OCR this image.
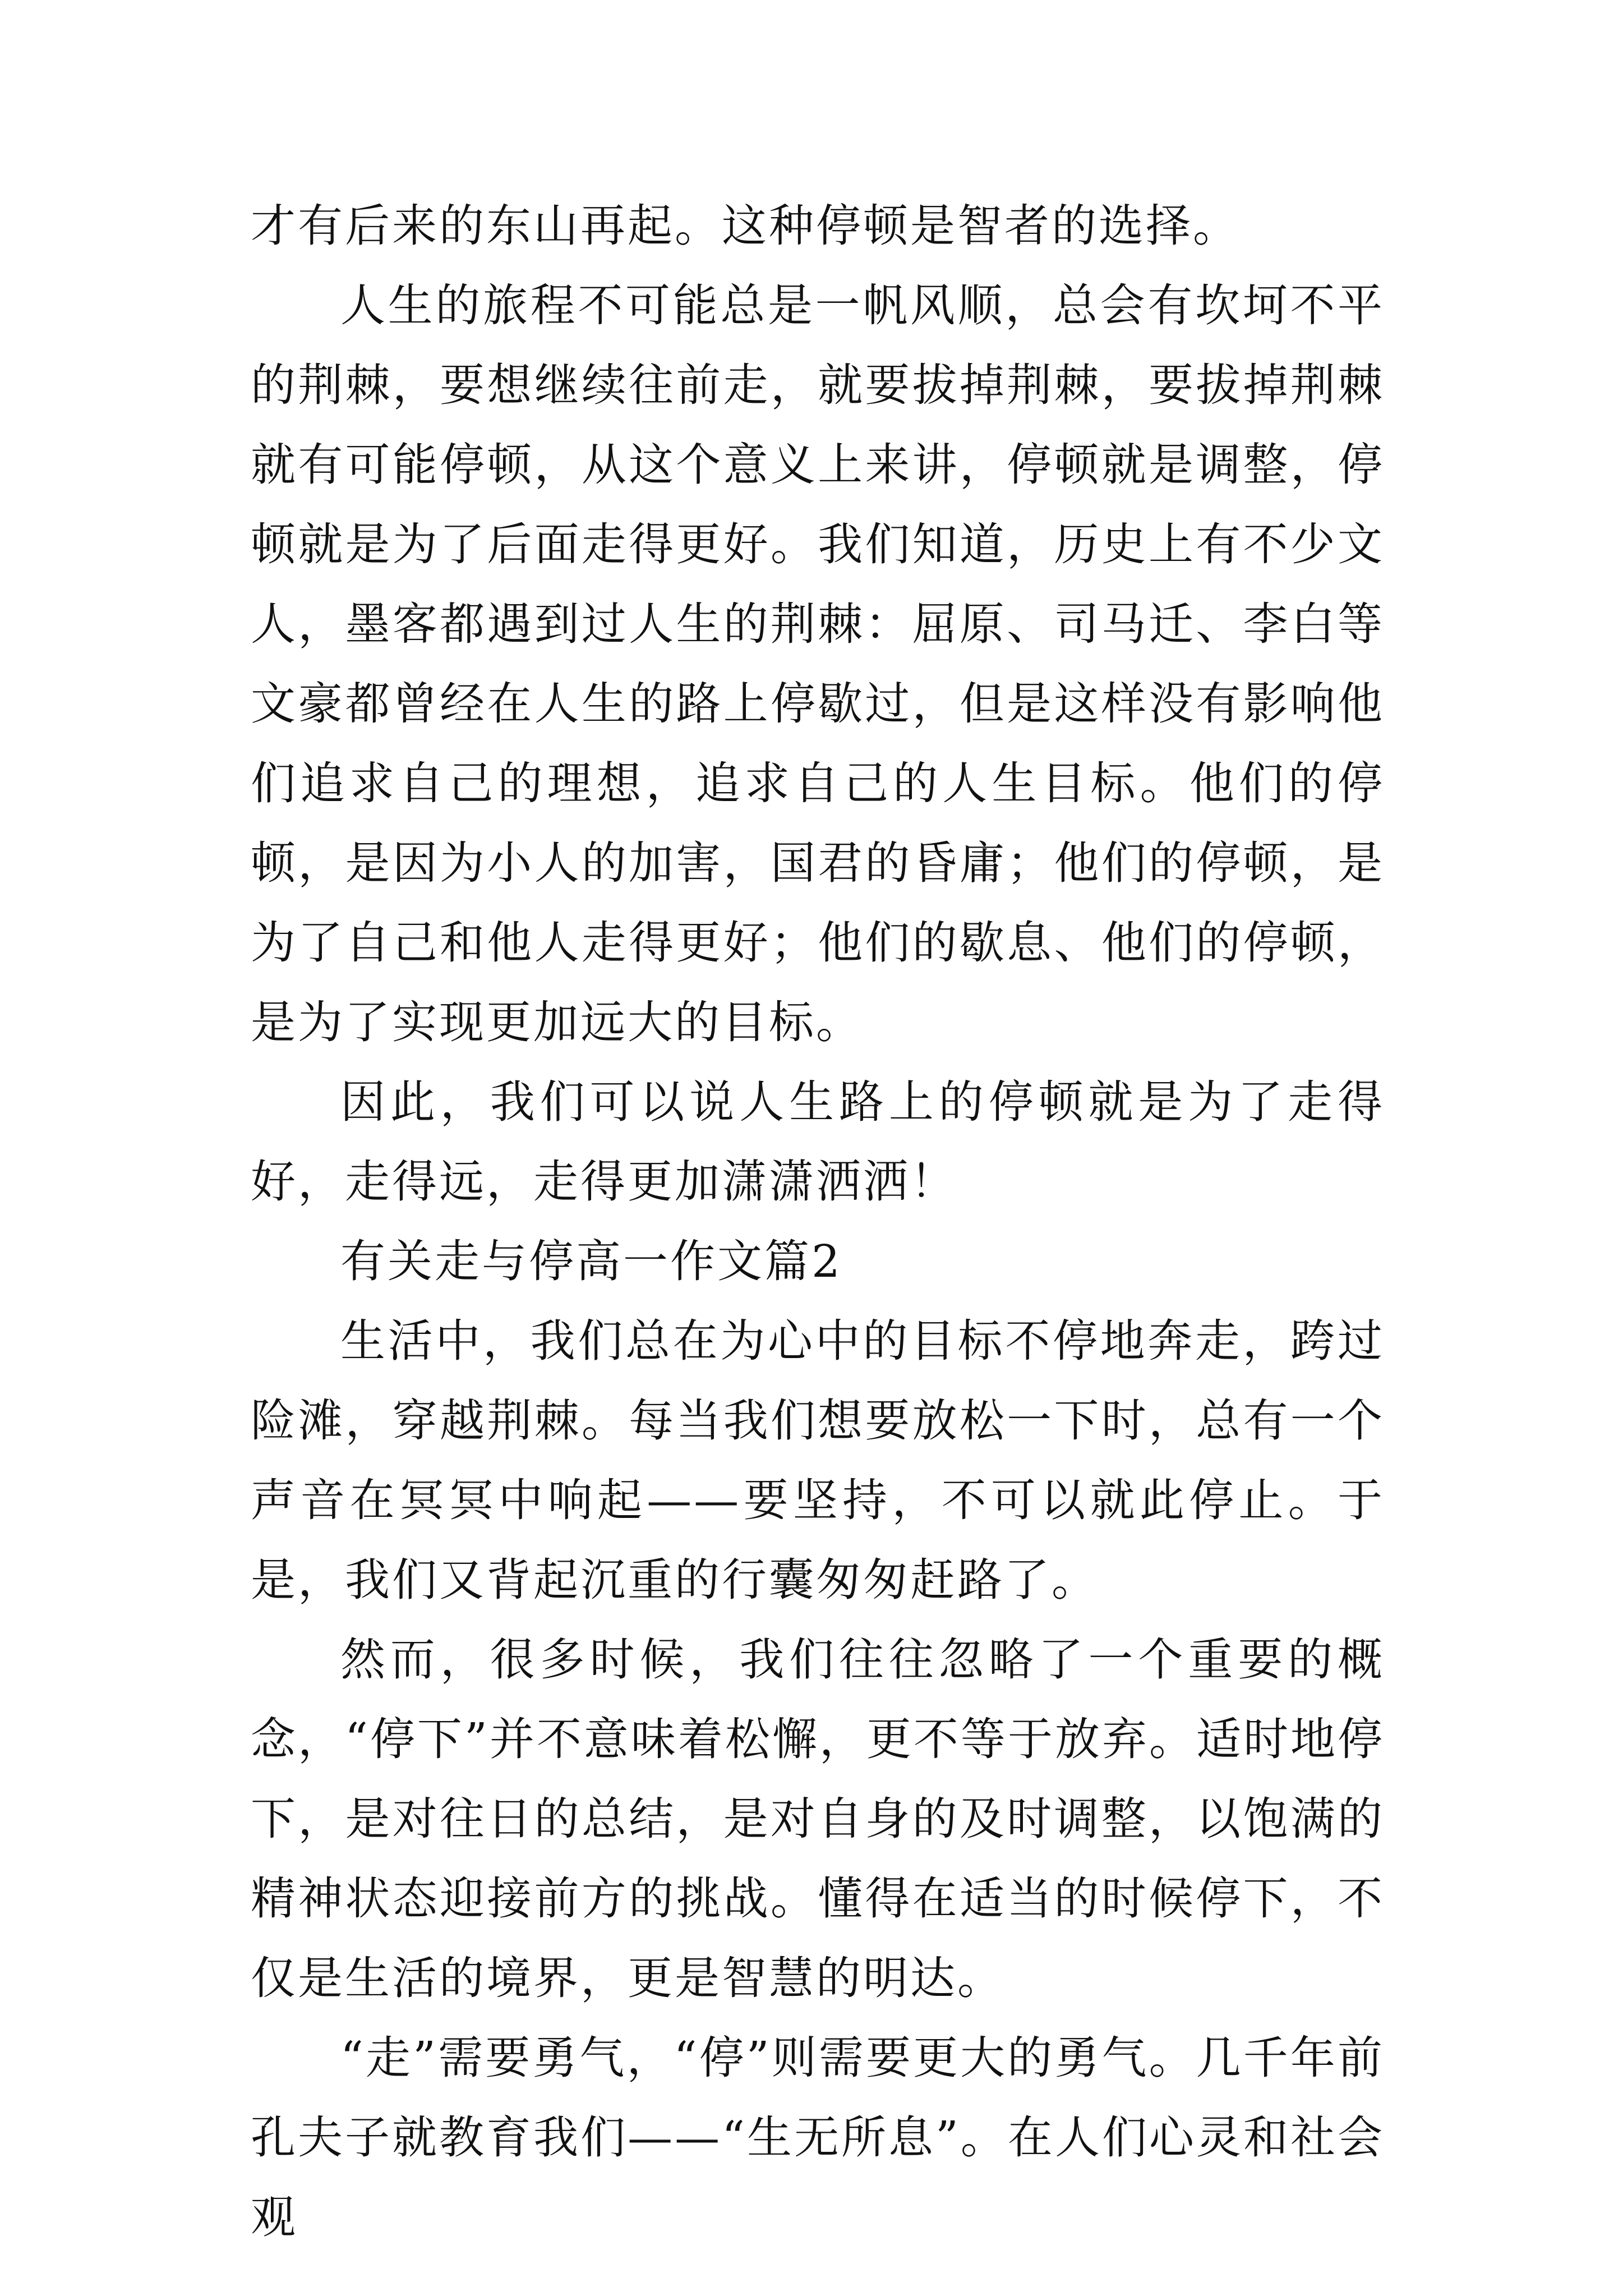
才有后来的东山再起。这种停顿是智者的选择。

人生的旅程不可能总是一帆风顺，总会有坎坷不平的荆棘，要想继续往前走，就要拔掉荆棘，要拔掉荆棘就有可能停顿，从这个意义上来讲，停顿就是调整，停顿就是为了后面走得更好。我们知道，历史上有不少文人，墨客都遇到过人生的荆棘：屈原、司马迁、李白等文豪都曾经在人生的路上停歇过，但是这样没有影响他们追求自己的理想，追求自己的人生目标。他们的停顿，是因为小人的加害，国君的昏庸；他们的停顿，是为了自己和他人走得更好；他们的歇息、他们的停顿，是为了实现更加远大的目标。

因此，我们可以说人生路上的停顿就是为了走得好，走得远，走得更加潇潇洒洒！

有关走与停高一作文篇2

生活中，我们总在为心中的目标不停地奔走，跨过险滩，穿越荆棘。每当我们想要放松一下时，总有一个声音在冥冥中响起——要坚持，不可以就此停止。于是，我们又背起沉重的行囊匆匆赶路了。

然而，很多时候，我们往往忽略了一个重要的概念，“停下”并不意味着松懈，更不等于放弃。适时地停下，是对往日的总结，是对自身的及时调整，以饱满的精神状态迎接前方的挑战。懂得在适当的时候停下，不仅是生活的境界，更是智慧的明达。

“走”需要勇气，“停”则需要更大的勇气。几千年前孔夫子就教育我们——“生无所息”。在人们心灵和社会观
